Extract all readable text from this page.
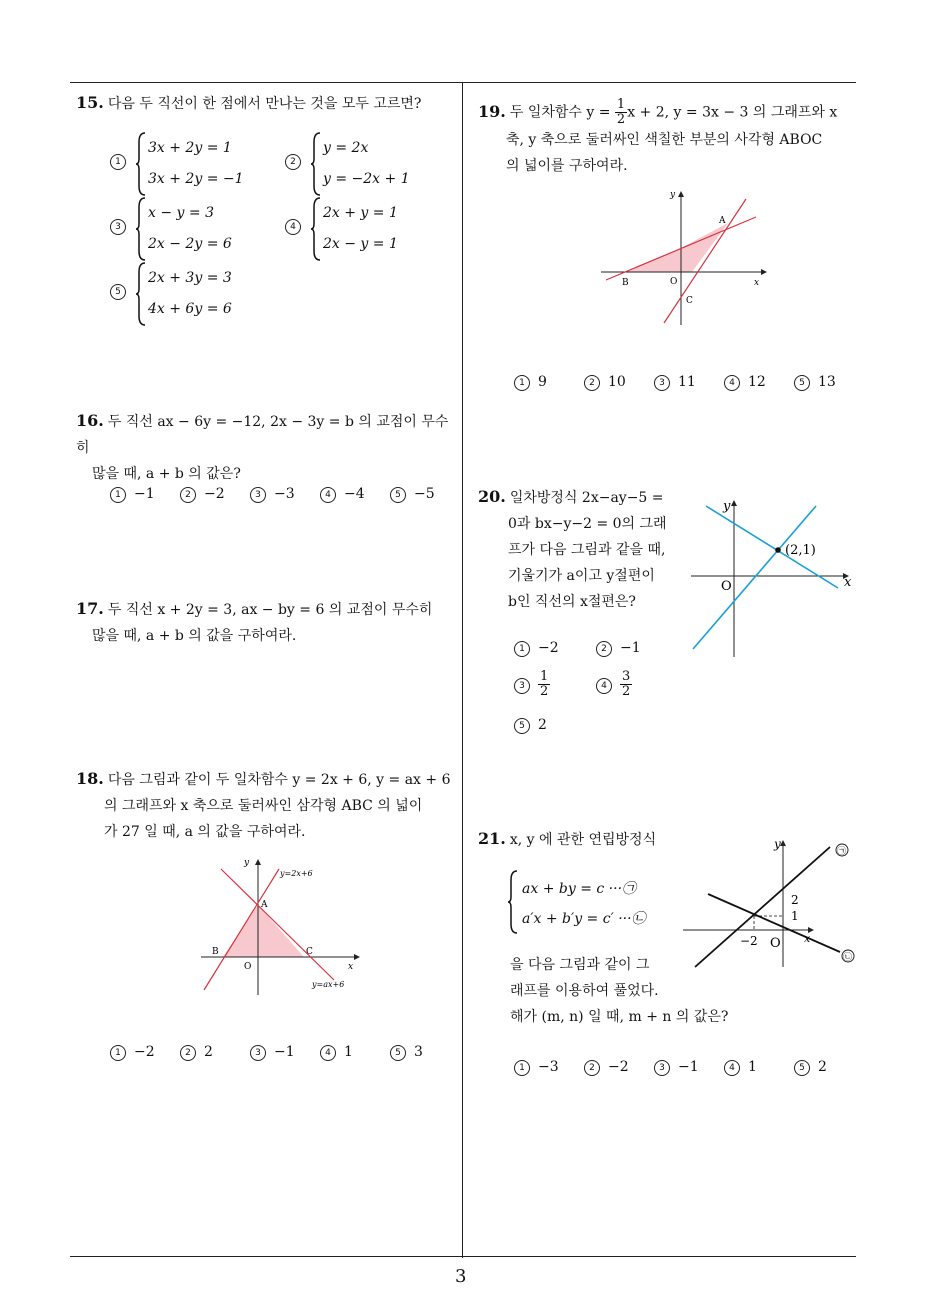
15. 다음 두 직선이 한 점에서 만나는 것을 모두 고르면?
1
3x + 2y = 1
3x + 2y = −1
2
y = 2x
y = −2x + 1
3
x − y = 3
2x − 2y = 6
4
2x + y = 1
2x − y = 1
5
2x + 3y = 3
4x + 6y = 6
16. 두 직선 ax − 6y = −12, 2x − 3y = b 의 교점이 무수히
많을 때, a + b 의 값은?
1 −1	2 −2	3 −3	4 −4	5 −5
17. 두 직선 x + 2y = 3, ax − by = 6 의 교점이 무수히
많을 때, a + b 의 값을 구하여라.
18. 다음 그림과 같이 두 일차함수 y = 2x + 6, y = ax + 6
의 그래프와 x 축으로 둘러싸인 삼각형 ABC 의 넓이
가 27 일 때, a 의 값을 구하여라.
y=2x+6
y=ax+6
A
B	C
O	x
y
1 −2	2 2	3 −1	4 1	5 3
19. 두 일차함수 $y = \frac{1}{2}$ x + 2, y = 3x − 3 의 그래프와 x
축, y 축으로 둘러싸인 색칠한 부분의 사각형 ABOC
의 넓이를 구하여라.
A
B
C
O	x
y
1 9	2 10	3 11	4 12	5 13
20. 일차방정식 2x−ay−5 =
0과 bx−y−2 = 0의 그래
프가 다음 그림과 같을 때,
기울기가 a이고 y절편이
b인 직선의 x절편은?
(2,1)
O	x
y
1 −2	2 −1
$3 \frac{1}{2}$	$4 \frac{3}{2}$
5 2
21. x, y 에 관한 연립방정식
ax + by = c ···㉠
a′x + b′y = c′ ···㉡
을 다음 그림과 같이 그
래프를 이용하여 풀었다.
해가 (m, n) 일 때, m + n 의 값은?
㉠
㉡
2
1
−2 O x
y
1 −3	2 −2	3 −1	4 1	5 2
3
